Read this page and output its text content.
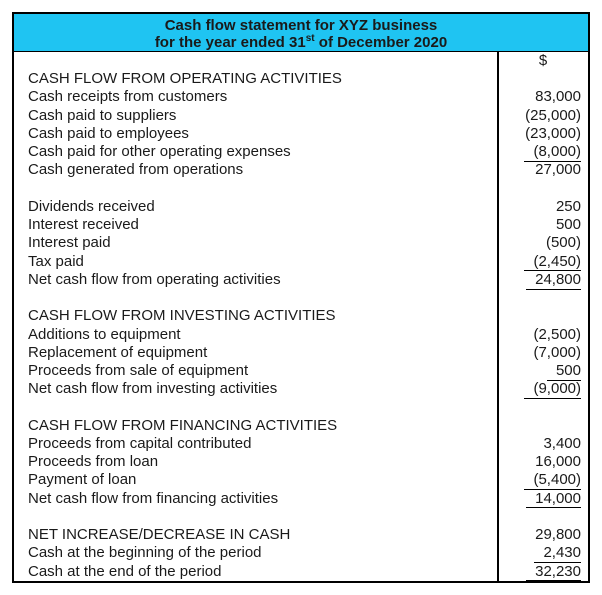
Cash flow statement for XYZ business
for the year ended 31st of December 2020
$
CASH FLOW FROM OPERATING ACTIVITIES
Cash receipts from customers	83,000
Cash paid to suppliers	(25,000)
Cash paid to employees	(23,000)
Cash paid for other operating expenses	(8,000)
Cash generated from operations	27,000
Dividends received	250
Interest received	500
Interest paid	(500)
Tax paid	(2,450)
Net cash flow from operating activities	24,800
CASH FLOW FROM INVESTING ACTIVITIES
Additions to equipment	(2,500)
Replacement of equipment	(7,000)
Proceeds from sale of equipment	500
Net cash flow from investing activities	(9,000)
CASH FLOW FROM FINANCING ACTIVITIES
Proceeds from capital contributed	3,400
Proceeds from loan	16,000
Payment of loan	(5,400)
Net cash flow from financing activities	14,000
NET INCREASE/DECREASE IN CASH	29,800
Cash at the beginning of the period	2,430
Cash at the end of the period	32,230
